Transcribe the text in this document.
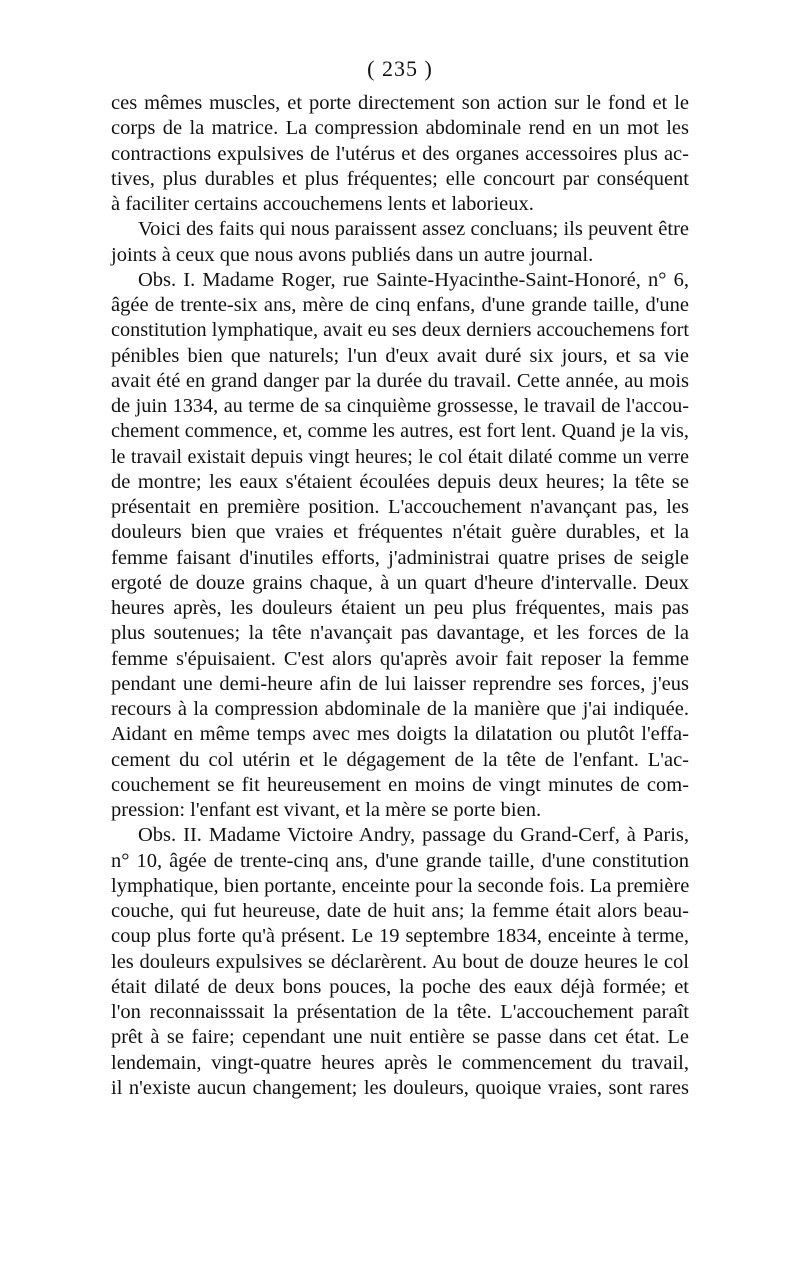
( 235 )
ces mêmes muscles, et porte directement son action sur le fond et le
corps de la matrice. La compression abdominale rend en un mot les
contractions expulsives de l'utérus et des organes accessoires plus ac-
tives, plus durables et plus fréquentes; elle concourt par conséquent
à faciliter certains accouchemens lents et laborieux.
Voici des faits qui nous paraissent assez concluans; ils peuvent être
joints à ceux que nous avons publiés dans un autre journal.
Obs. I. Madame Roger, rue Sainte-Hyacinthe-Saint-Honoré, n° 6,
âgée de trente-six ans, mère de cinq enfans, d'une grande taille, d'une
constitution lymphatique, avait eu ses deux derniers accouchemens fort
pénibles bien que naturels; l'un d'eux avait duré six jours, et sa vie
avait été en grand danger par la durée du travail. Cette année, au mois
de juin 1334, au terme de sa cinquième grossesse, le travail de l'accou-
chement commence, et, comme les autres, est fort lent. Quand je la vis,
le travail existait depuis vingt heures; le col était dilaté comme un verre
de montre; les eaux s'étaient écoulées depuis deux heures; la tête se
présentait en première position. L'accouchement n'avançant pas, les
douleurs bien que vraies et fréquentes n'était guère durables, et la
femme faisant d'inutiles efforts, j'administrai quatre prises de seigle
ergoté de douze grains chaque, à un quart d'heure d'intervalle. Deux
heures après, les douleurs étaient un peu plus fréquentes, mais pas
plus soutenues; la tête n'avançait pas davantage, et les forces de la
femme s'épuisaient. C'est alors qu'après avoir fait reposer la femme
pendant une demi-heure afin de lui laisser reprendre ses forces, j'eus
recours à la compression abdominale de la manière que j'ai indiquée.
Aidant en même temps avec mes doigts la dilatation ou plutôt l'effa-
cement du col utérin et le dégagement de la tête de l'enfant. L'ac-
couchement se fit heureusement en moins de vingt minutes de com-
pression: l'enfant est vivant, et la mère se porte bien.
Obs. II. Madame Victoire Andry, passage du Grand-Cerf, à Paris,
n° 10, âgée de trente-cinq ans, d'une grande taille, d'une constitution
lymphatique, bien portante, enceinte pour la seconde fois. La première
couche, qui fut heureuse, date de huit ans; la femme était alors beau-
coup plus forte qu'à présent. Le 19 septembre 1834, enceinte à terme,
les douleurs expulsives se déclarèrent. Au bout de douze heures le col
était dilaté de deux bons pouces, la poche des eaux déjà formée; et
l'on reconnaisssait la présentation de la tête. L'accouchement paraît
prêt à se faire; cependant une nuit entière se passe dans cet état. Le
lendemain, vingt-quatre heures après le commencement du travail,
il n'existe aucun changement; les douleurs, quoique vraies, sont rares
